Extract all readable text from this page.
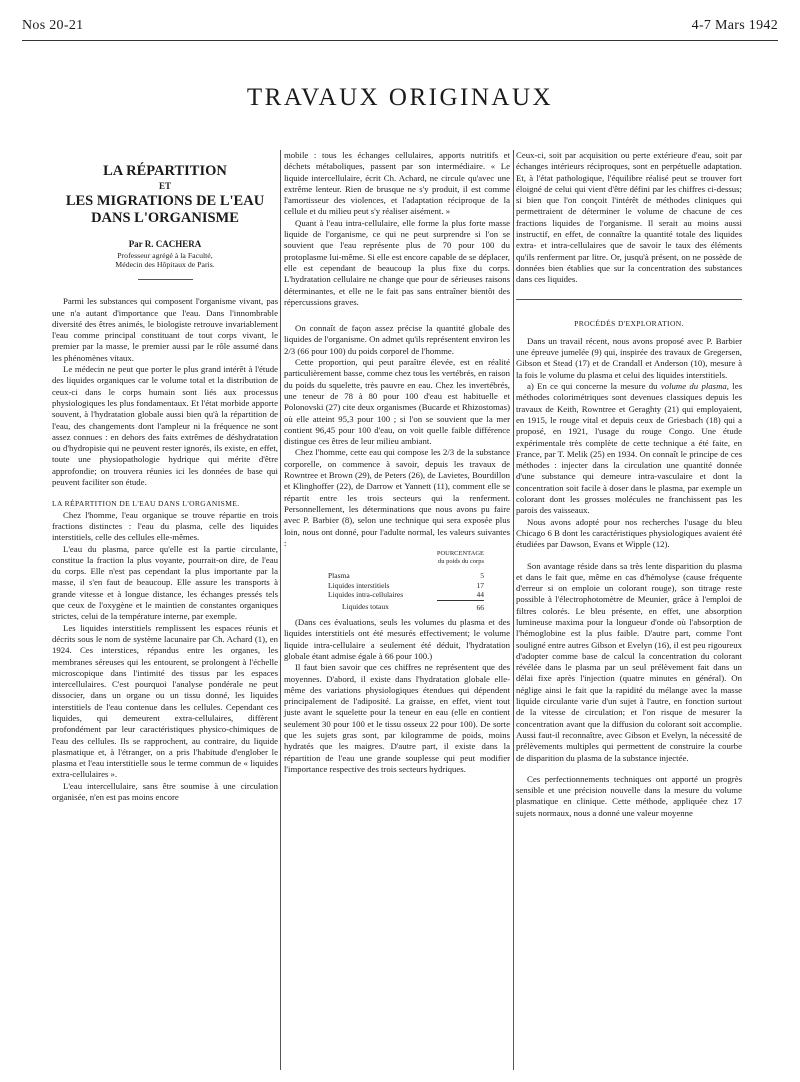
Nos 20-21	4-7 Mars 1942
TRAVAUX ORIGINAUX
LA RÉPARTITION
ET
LES MIGRATIONS DE L'EAU
DANS L'ORGANISME
Par R. CACHERA
Professeur agrégé à la Faculté,
Médecin des Hôpitaux de Paris.

Parmi les substances qui composent l'organisme vivant, pas une n'a autant d'importance que l'eau. Dans l'innombrable diversité des êtres animés, le biologiste retrouve invariablement l'eau comme principal constituant de tout corps vivant, le premier par la masse, le premier aussi par le rôle assumé dans les phénomènes vitaux.

Le médecin ne peut que porter le plus grand intérêt à l'étude des liquides organiques car le volume total et la distribution de ceux-ci dans le corps humain sont liés aux processus physiologiques les plus fondamentaux. Et l'état morbide apporte souvent, à l'hydratation globale aussi bien qu'à la répartition de l'eau, des changements dont l'ampleur ni la fréquence ne sont assez connues : en dehors des faits extrêmes de déshydratation ou d'hydropisie qui ne peuvent rester ignorés, ils existe, en effet, toute une physiopathologie hydrique qui mérite d'être approfondie; on trouvera réunies ici les données de base qui peuvent faciliter son étude.

LA RÉPARTITION DE L'EAU DANS L'ORGANISME.

Chez l'homme, l'eau organique se trouve répartie en trois fractions distinctes : l'eau du plasma, celle des liquides interstitiels, celle des cellules elle-mêmes.

L'eau du plasma, parce qu'elle est la partie circulante, constitue la fraction la plus voyante, pourrait-on dire, de l'eau du corps. Elle n'est pas cependant la plus importante par la masse, il s'en faut de beaucoup. Elle assure les transports à grande vitesse et à longue distance, les échanges pressés tels que ceux de l'oxygène et le maintien de constantes organiques strictes, celui de la température interne, par exemple.

Les liquides interstitiels remplissent les espaces réunis et décrits sous le nom de système lacunaire par Ch. Achard (1), en 1924. Ces interstices, répandus entre les organes, les membranes séreuses qui les entourent, se prolongent à l'échelle microscopique dans l'intimité des tissus par les espaces intercellulaires. C'est pourquoi l'analyse pondérale ne peut dissocier, dans un organe ou un tissu donné, les liquides interstitiels de l'eau contenue dans les cellules. Cependant ces liquides, qui demeurent extra-cellulaires, diffèrent profondément par leur caractéristiques physico-chimiques de l'eau des cellules. Ils se rapprochent, au contraire, du liquide plasmatique et, à l'étranger, on a pris l'habitude d'englober le plasma et l'eau interstitielle sous le terme commun de « liquides extra-cellulaires ».

L'eau intercellulaire, sans être soumise à une circulation organisée, n'en est pas moins encore

mobile : tous les échanges cellulaires, apports nutritifs et déchets métaboliques, passent par son intermédiaire. « Le liquide intercellulaire, écrit Ch. Achard, ne circule qu'avec une extrême lenteur. Rien de brusque ne s'y produit, il est comme l'amortisseur des violences, et l'adaptation réciproque de la cellule et du milieu peut s'y réaliser aisément. »

Quant à l'eau intra-cellulaire, elle forme la plus forte masse liquide de l'organisme, ce qui ne peut surprendre si l'on se souvient que l'eau représente plus de 70 pour 100 du protoplasme lui-même. Si elle est encore capable de se déplacer, elle est cependant de beaucoup la plus fixe du corps. L'hydratation cellulaire ne change que pour de sérieuses raisons déterminantes, et elle ne le fait pas sans entraîner bientôt des répercussions graves.

On connaît de façon assez précise la quantité globale des liquides de l'organisme. On admet qu'ils représentent environ les 2/3 (66 pour 100) du poids corporel de l'homme.

Cette proportion, qui peut paraître élevée, est en réalité particulièrement basse, comme chez tous les vertébrés, en raison du poids du squelette, très pauvre en eau. Chez les invertébrés, une teneur de 78 à 80 pour 100 d'eau est habituelle et Polonovski (27) cite deux organismes (Bucarde et Rhizostomas) où elle atteint 95,3 pour 100 ; si l'on se souvient que la mer contient 96,45 pour 100 d'eau, on voit quelle faible différence distingue ces êtres de leur milieu ambiant.

Chez l'homme, cette eau qui compose les 2/3 de la substance corporelle, on commence à savoir, depuis les travaux de Rowntree et Brown (29), de Peters (26), de Lavietes, Bourdillon et Klinghoffer (22), de Darrow et Yannett (11), comment elle se répartit entre les trois secteurs qui la renferment. Personnellement, les déterminations que nous avons pu faire avec P. Barbier (8), selon une technique qui sera exposée plus loin, nous ont donné, pour l'adulte normal, les valeurs suivantes :

	POURCENTAGE
du poids du corps
Plasma	5
Liquides interstitiels	17
Liquides intra-cellulaires	44
Liquides totaux	66

(Dans ces évaluations, seuls les volumes du plasma et des liquides interstitiels ont été mesurés effectivement; le volume liquide intra-cellulaire a seulement été déduit, l'hydratation globale étant admise égale à 66 pour 100.)

Il faut bien savoir que ces chiffres ne représentent que des moyennes. D'abord, il existe dans l'hydratation globale elle-même des variations physiologiques étendues qui dépendent principalement de l'adiposité. La graisse, en effet, vient tout juste avant le squelette pour la teneur en eau (elle en contient seulement 30 pour 100 et le tissu osseux 22 pour 100). De sorte que les sujets gras sont, par kilogramme de poids, moins hydratés que les maigres. D'autre part, il existe dans la répartition de l'eau une grande souplesse qui peut modifier l'importance respective des trois secteurs hydriques.

Ceux-ci, soit par acquisition ou perte extérieure d'eau, soit par échanges intérieurs réciproques, sont en perpétuelle adaptation. Et, à l'état pathologique, l'équilibre réalisé peut se trouver fort éloigné de celui qui vient d'être défini par les chiffres ci-dessus; si bien que l'on conçoit l'intérêt de méthodes cliniques qui permettraient de déterminer le volume de chacune de ces fractions liquides de l'organisme. Il serait au moins aussi instructif, en effet, de connaître la quantité totale des liquides extra- et intra-cellulaires que de savoir le taux des éléments qu'ils renferment par litre. Or, jusqu'à présent, on ne possède de données bien établies que sur la concentration des substances dans ces liquides.

PROCÉDÉS D'EXPLORATION.

Dans un travail récent, nous avons proposé avec P. Barbier une épreuve jumelée (9) qui, inspirée des travaux de Gregersen, Gibson et Stead (17) et de Crandall et Anderson (10), mesure à la fois le volume du plasma et celui des liquides interstitiels.

a) En ce qui concerne la mesure du volume du plasma, les méthodes colorimétriques sont devenues classiques depuis les travaux de Keith, Rowntree et Geraghty (21) qui employaient, en 1915, le rouge vital et depuis ceux de Griesbach (18) qui a proposé, en 1921, l'usage du rouge Congo. Une étude expérimentale très complète de cette technique a été faite, en France, par T. Melik (25) en 1934. On connaît le principe de ces méthodes : injecter dans la circulation une quantité donnée d'une substance qui demeure intra-vasculaire et dont la concentration soit facile à doser dans le plasma, par exemple un colorant dont les grosses molécules ne franchissent pas les parois des vaisseaux.

Nous avons adopté pour nos recherches l'usage du bleu Chicago 6 B dont les caractéristiques physiologiques avaient été étudiées par Dawson, Evans et Wipple (12).

Son avantage réside dans sa très lente disparition du plasma et dans le fait que, même en cas d'hémolyse (cause fréquente d'erreur si on emploie un colorant rouge), son titrage reste possible à l'électrophotomètre de Meunier, grâce à l'emploi de filtres colorés. Le bleu présente, en effet, une absorption lumineuse maxima pour la longueur d'onde où l'absorption de l'hémoglobine est la plus faible. D'autre part, comme l'ont souligné entre autres Gibson et Evelyn (16), il est peu rigoureux d'adopter comme base de calcul la concentration du colorant révélée dans le plasma par un seul prélèvement fait dans un délai fixe après l'injection (quatre minutes en général). On néglige ainsi le fait que la rapidité du mélange avec la masse liquide circulante varie d'un sujet à l'autre, en fonction surtout de la vitesse de circulation; et l'on risque de mesurer la concentration avant que la diffusion du colorant soit accomplie. Aussi faut-il reconnaître, avec Gibson et Evelyn, la nécessité de prélèvements multiples qui permettent de construire la courbe de disparition du plasma de la substance injectée.

Ces perfectionnements techniques ont apporté un progrès sensible et une précision nouvelle dans la mesure du volume plasmatique en clinique. Cette méthode, appliquée chez 17 sujets normaux, nous a donné une valeur moyenne
